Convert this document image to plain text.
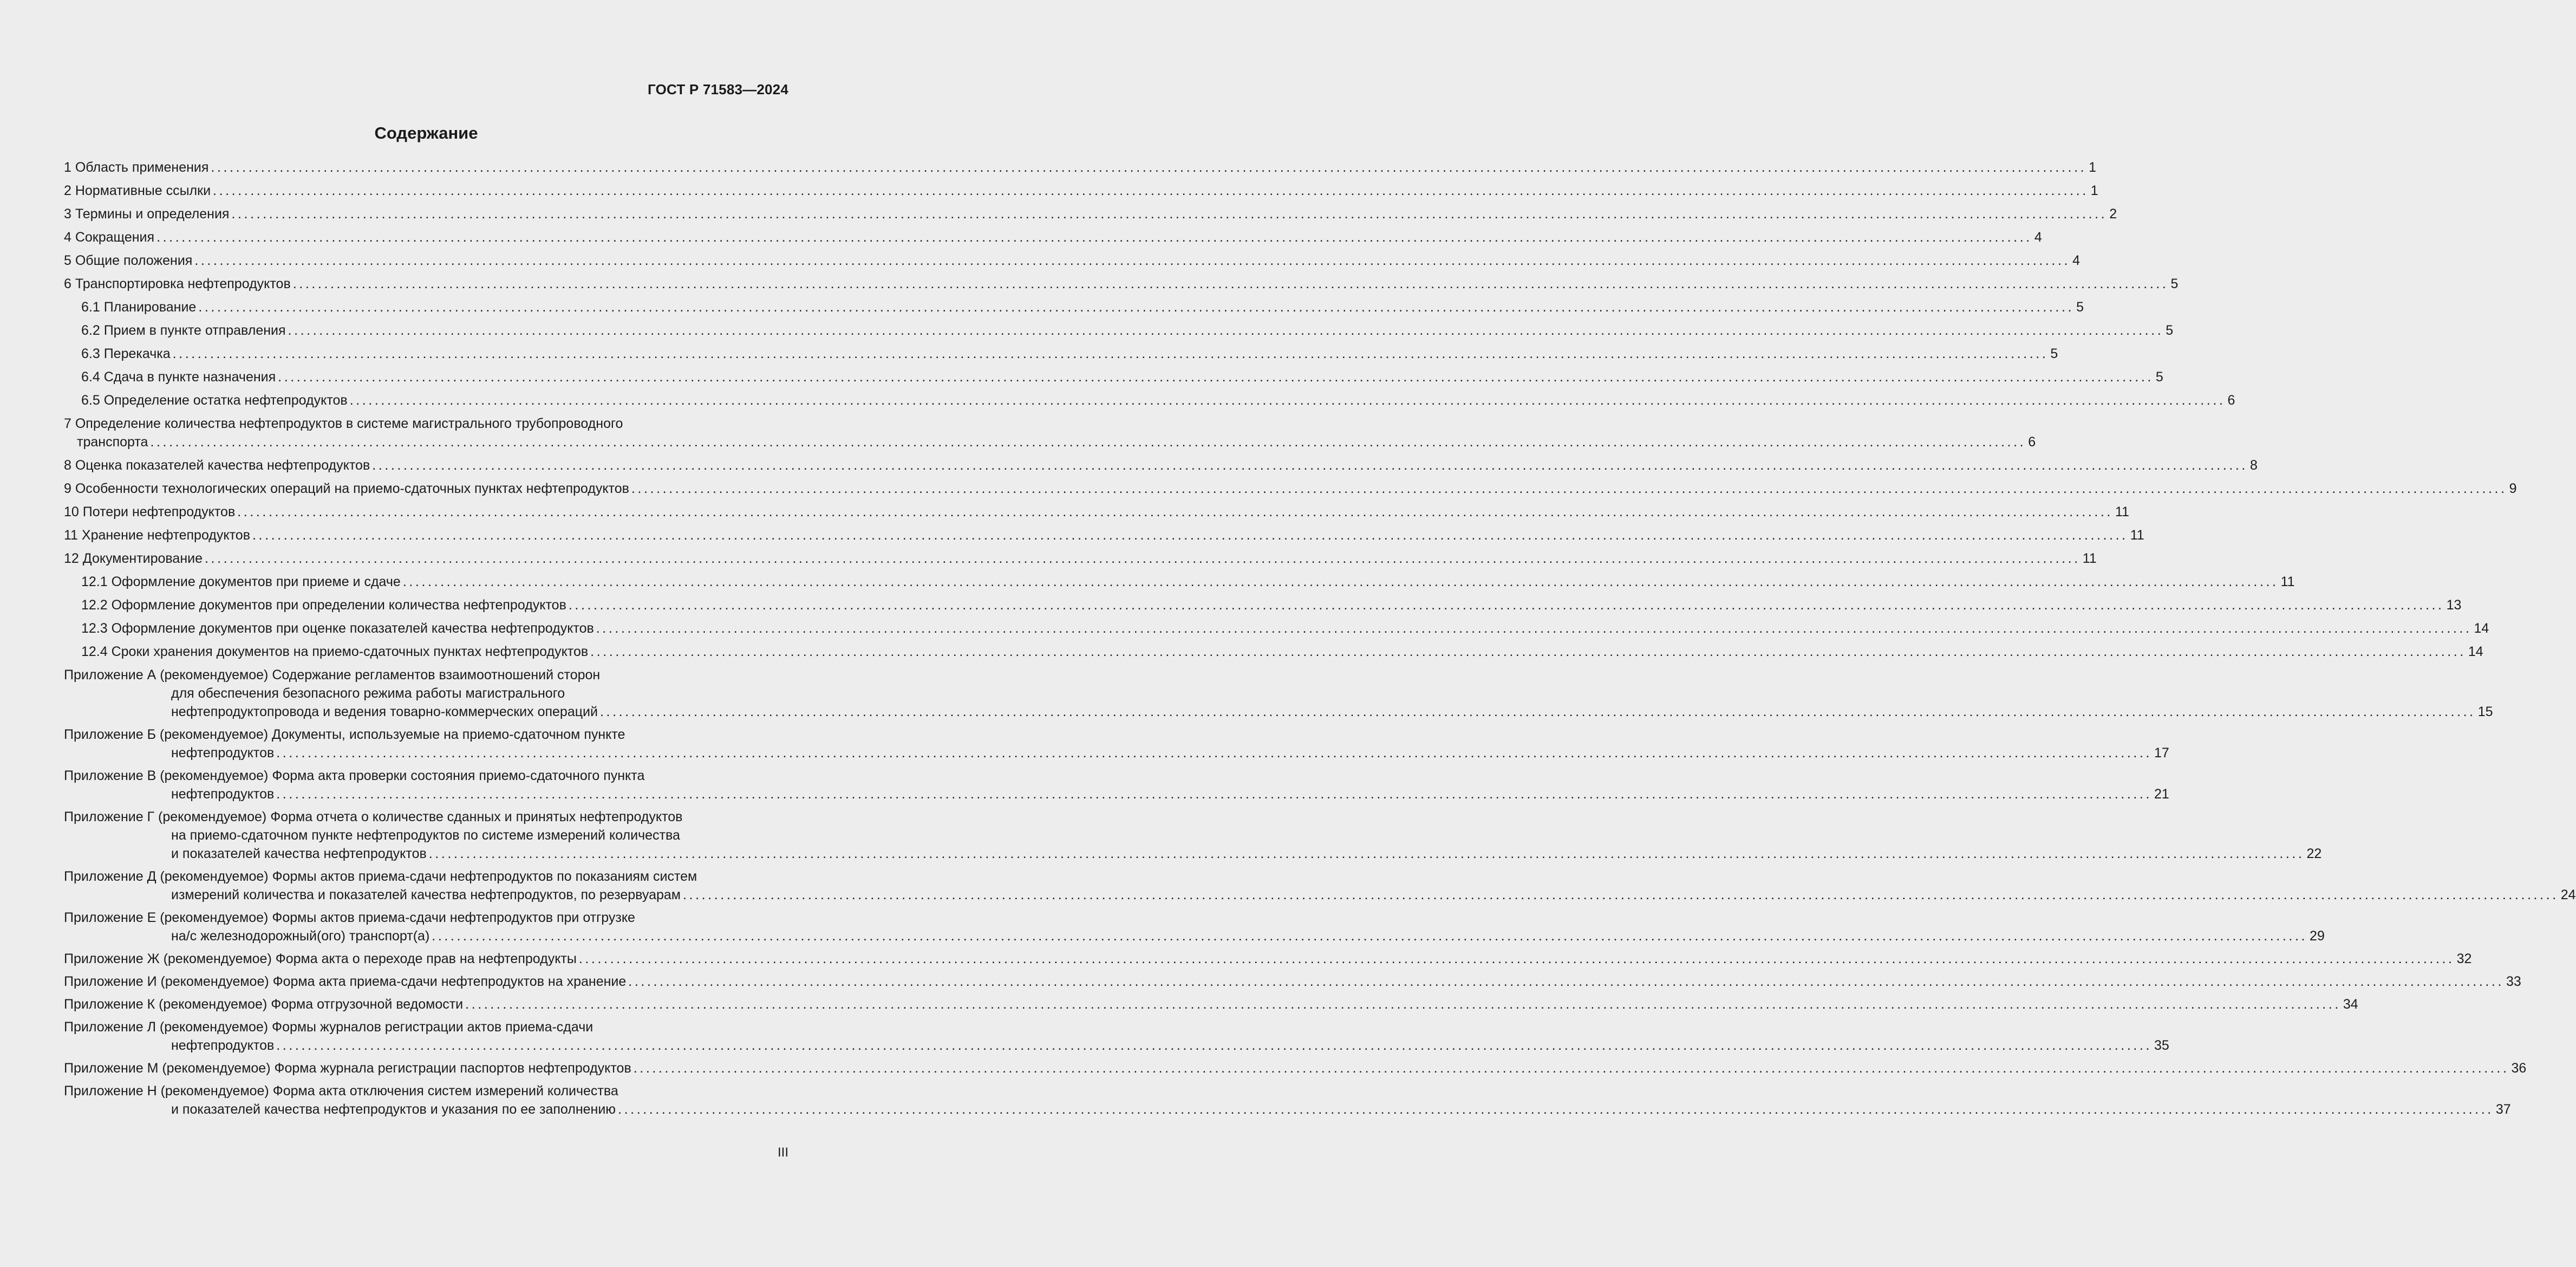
ГОСТ Р 71583—2024
Содержание
1 Область применения ............................................................................................................................................................................................................................................................................................................ 1
2 Нормативные ссылки ............................................................................................................................................................................................................................................................................................................ 1
3 Термины и определения ............................................................................................................................................................................................................................................................................................................ 2
4 Сокращения ............................................................................................................................................................................................................................................................................................................ 4
5 Общие положения ............................................................................................................................................................................................................................................................................................................ 4
6 Транспортировка нефтепродуктов ............................................................................................................................................................................................................................................................................................................ 5
6.1 Планирование ............................................................................................................................................................................................................................................................................................................ 5
6.2 Прием в пункте отправления ............................................................................................................................................................................................................................................................................................................ 5
6.3 Перекачка ............................................................................................................................................................................................................................................................................................................ 5
6.4 Сдача в пункте назначения ............................................................................................................................................................................................................................................................................................................ 5
6.5 Определение остатка нефтепродуктов ............................................................................................................................................................................................................................................................................................................ 6
7 Определение количества нефтепродуктов в системе магистрального трубопроводного
транспорта ............................................................................................................................................................................................................................................................................................................ 6
8 Оценка показателей качества нефтепродуктов ............................................................................................................................................................................................................................................................................................................ 8
9 Особенности технологических операций на приемо-сдаточных пунктах нефтепродуктов ............................................................................................................................................................................................................................................................................................................ 9
10 Потери нефтепродуктов ............................................................................................................................................................................................................................................................................................................ 11
11 Хранение нефтепродуктов ............................................................................................................................................................................................................................................................................................................ 11
12 Документирование ............................................................................................................................................................................................................................................................................................................ 11
12.1 Оформление документов при приеме и сдаче ............................................................................................................................................................................................................................................................................................................ 11
12.2 Оформление документов при определении количества нефтепродуктов ............................................................................................................................................................................................................................................................................................................ 13
12.3 Оформление документов при оценке показателей качества нефтепродуктов ............................................................................................................................................................................................................................................................................................................ 14
12.4 Сроки хранения документов на приемо-сдаточных пунктах нефтепродуктов ............................................................................................................................................................................................................................................................................................................ 14
Приложение А (рекомендуемое) Содержание регламентов взаимоотношений сторон
для обеспечения безопасного режима работы магистрального
нефтепродуктопровода и ведения товарно-коммерческих операций ............................................................................................................................................................................................................................................................................................................ 15
Приложение Б (рекомендуемое) Документы, используемые на приемо-сдаточном пункте
нефтепродуктов ............................................................................................................................................................................................................................................................................................................ 17
Приложение В (рекомендуемое) Форма акта проверки состояния приемо-сдаточного пункта
нефтепродуктов ............................................................................................................................................................................................................................................................................................................ 21
Приложение Г (рекомендуемое) Форма отчета о количестве сданных и принятых нефтепродуктов
на приемо-сдаточном пункте нефтепродуктов по системе измерений количества
и показателей качества нефтепродуктов ............................................................................................................................................................................................................................................................................................................ 22
Приложение Д (рекомендуемое) Формы актов приема-сдачи нефтепродуктов по показаниям систем
измерений количества и показателей качества нефтепродуктов, по резервуарам ............................................................................................................................................................................................................................................................................................................ 24
Приложение Е (рекомендуемое) Формы актов приема-сдачи нефтепродуктов при отгрузке
на/с железнодорожный(ого) транспорт(а) ............................................................................................................................................................................................................................................................................................................ 29
Приложение Ж (рекомендуемое) Форма акта о переходе прав на нефтепродукты ............................................................................................................................................................................................................................................................................................................ 32
Приложение И (рекомендуемое) Форма акта приема-сдачи нефтепродуктов на хранение ............................................................................................................................................................................................................................................................................................................ 33
Приложение К (рекомендуемое) Форма отгрузочной ведомости ............................................................................................................................................................................................................................................................................................................ 34
Приложение Л (рекомендуемое) Формы журналов регистрации актов приема-сдачи
нефтепродуктов ............................................................................................................................................................................................................................................................................................................ 35
Приложение М (рекомендуемое) Форма журнала регистрации паспортов нефтепродуктов ............................................................................................................................................................................................................................................................................................................ 36
Приложение Н (рекомендуемое) Форма акта отключения систем измерений количества
и показателей качества нефтепродуктов и указания по ее заполнению ............................................................................................................................................................................................................................................................................................................ 37
III
